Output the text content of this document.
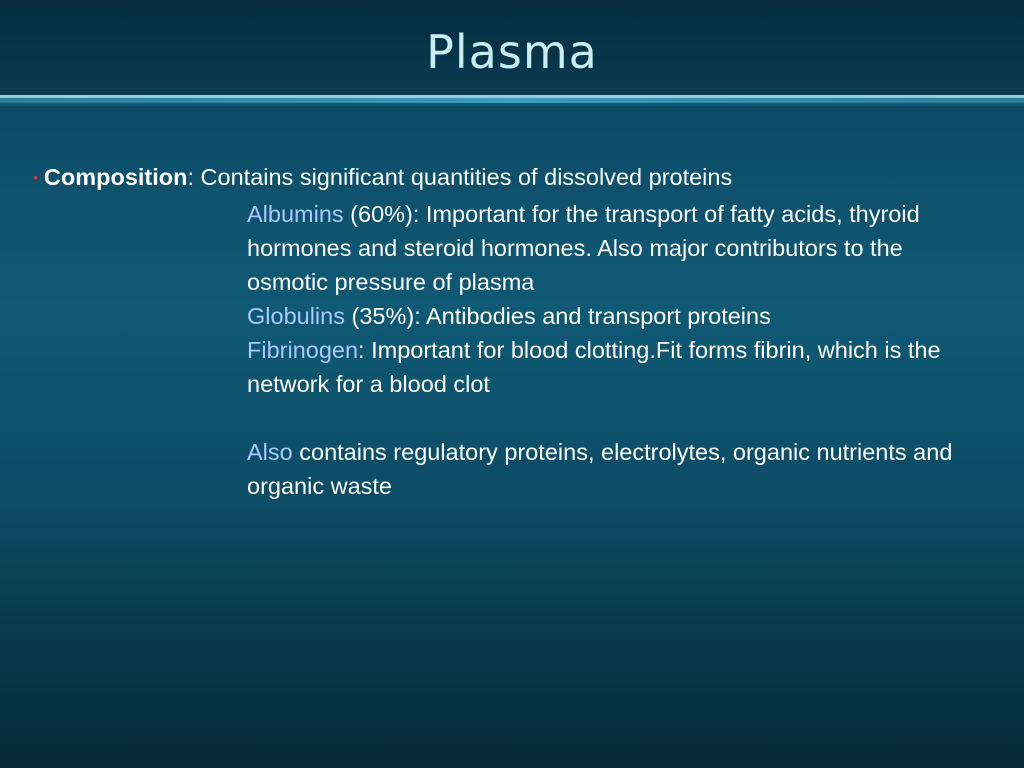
Plasma
• Composition: Contains significant quantities of dissolved proteins
Albumins (60%): Important for the transport of fatty acids, thyroid hormones and steroid hormones. Also major contributors to the osmotic pressure of plasma
Globulins (35%): Antibodies and transport proteins
Fibrinogen: Important for blood clotting.Fit forms fibrin, which is the network for a blood clot
Also contains regulatory proteins, electrolytes, organic nutrients and organic waste
